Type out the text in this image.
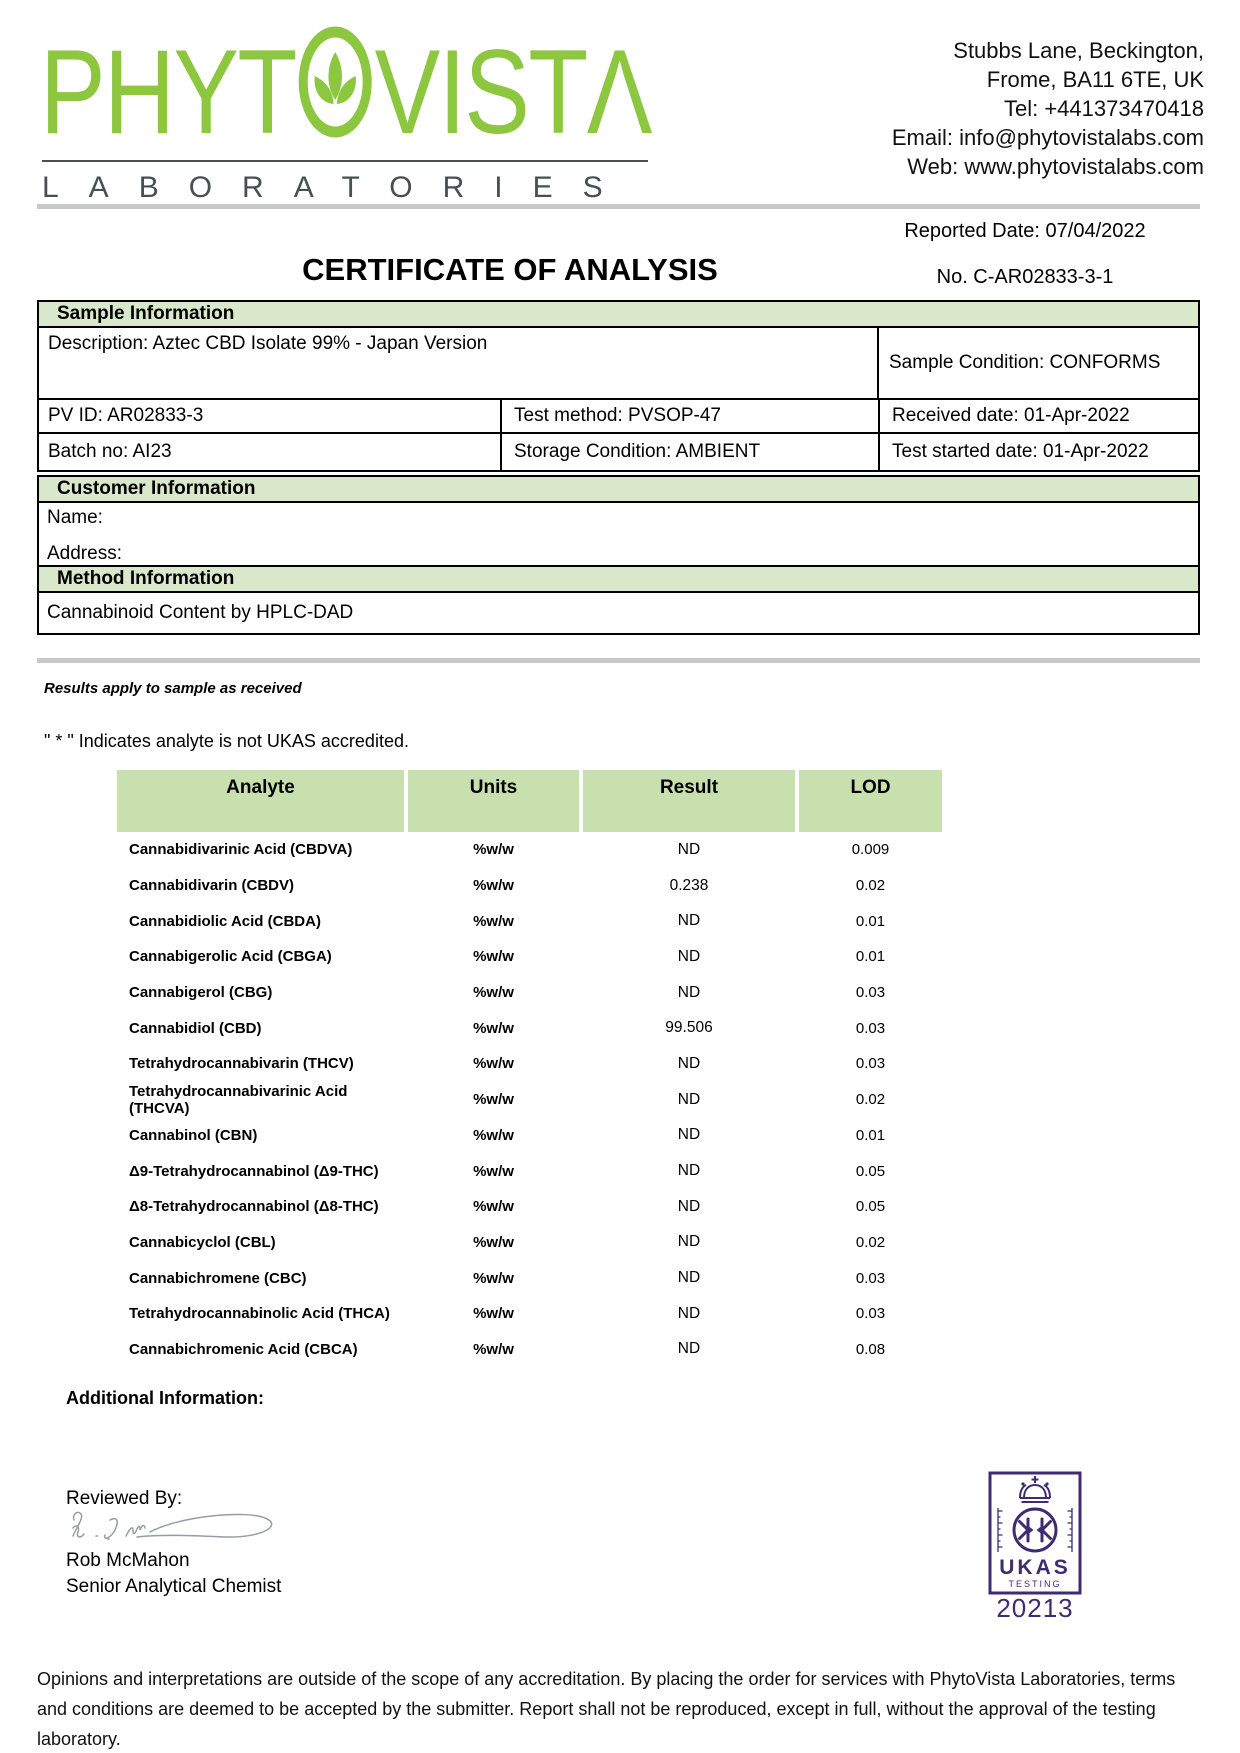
PHYT VIST Λ
LABORATORIES
Stubbs Lane, Beckington,
Frome, BA11 6TE, UK
Tel: +441373470418
Email: info@phytovistalabs.com
Web: www.phytovistalabs.com
CERTIFICATE OF ANALYSIS
Reported Date: 07/04/2022
No. C-AR02833-3-1
Sample Information
Description: Aztec CBD Isolate 99% - Japan Version
Sample Condition: CONFORMS
PV ID: AR02833-3	Test method: PVSOP-47	Received date: 01-Apr-2022
Batch no: AI23	Storage Condition: AMBIENT	Test started date: 01-Apr-2022
Customer Information
Name:
Address:
Method Information
Cannabinoid Content by HPLC-DAD
Results apply to sample as received
" * " Indicates analyte is not UKAS accredited.
Analyte	Units	Result	LOD
Cannabidivarinic Acid (CBDVA)	%w/w	ND	0.009
Cannabidivarin (CBDV)	%w/w	0.238	0.02
Cannabidiolic Acid (CBDA)	%w/w	ND	0.01
Cannabigerolic Acid (CBGA)	%w/w	ND	0.01
Cannabigerol (CBG)	%w/w	ND	0.03
Cannabidiol (CBD)	%w/w	99.506	0.03
Tetrahydrocannabivarin (THCV)	%w/w	ND	0.03
Tetrahydrocannabivarinic Acid (THCVA)	%w/w	ND	0.02
Cannabinol (CBN)	%w/w	ND	0.01
Δ9-Tetrahydrocannabinol (Δ9-THC)	%w/w	ND	0.05
Δ8-Tetrahydrocannabinol (Δ8-THC)	%w/w	ND	0.05
Cannabicyclol (CBL)	%w/w	ND	0.02
Cannabichromene (CBC)	%w/w	ND	0.03
Tetrahydrocannabinolic Acid (THCA)	%w/w	ND	0.03
Cannabichromenic Acid (CBCA)	%w/w	ND	0.08
Additional Information:
Reviewed By:
Rob McMahon
Senior Analytical Chemist
UKAS
TESTING
20213

Opinions and interpretations are outside of the scope of any accreditation. By placing the order for services with PhytoVista Laboratories, terms and conditions are deemed to be accepted by the submitter. Report shall not be reproduced, except in full, without the approval of the testing laboratory.
